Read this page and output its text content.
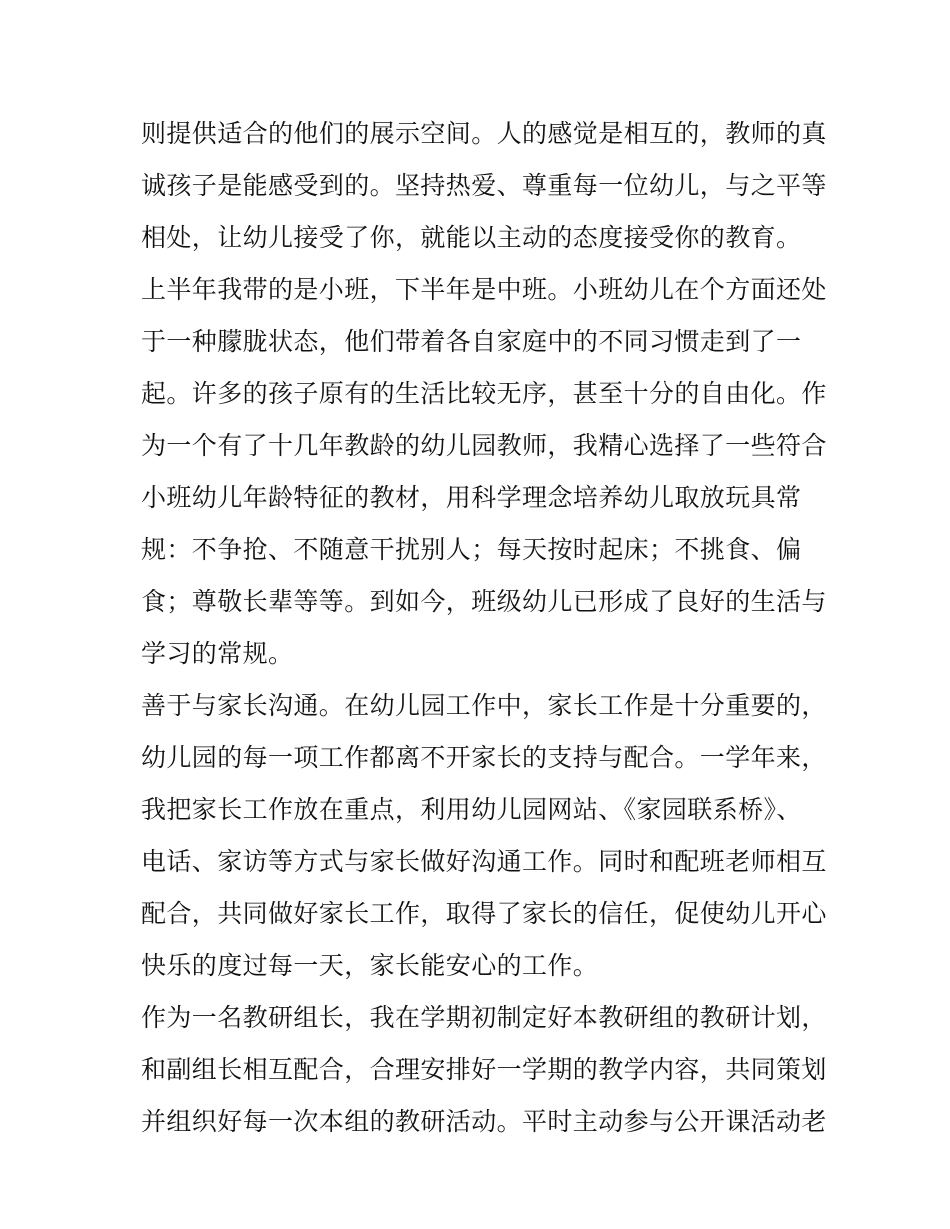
则提供适合的他们的展示空间。人的感觉是相互的，教师的真
诚孩子是能感受到的。坚持热爱、尊重每一位幼儿，与之平等
相处，让幼儿接受了你，就能以主动的态度接受你的教育。
上半年我带的是小班，下半年是中班。小班幼儿在个方面还处
于一种朦胧状态，他们带着各自家庭中的不同习惯走到了一
起。许多的孩子原有的生活比较无序，甚至十分的自由化。作
为一个有了十几年教龄的幼儿园教师，我精心选择了一些符合
小班幼儿年龄特征的教材，用科学理念培养幼儿取放玩具常
规：不争抢、不随意干扰别人；每天按时起床；不挑食、偏
食；尊敬长辈等等。到如今，班级幼儿已形成了良好的生活与
学习的常规。
善于与家长沟通。在幼儿园工作中，家长工作是十分重要的，
幼儿园的每一项工作都离不开家长的支持与配合。一学年来，
我把家长工作放在重点，利用幼儿园网站、《家园联系桥》、
电话、家访等方式与家长做好沟通工作。同时和配班老师相互
配合，共同做好家长工作，取得了家长的信任，促使幼儿开心
快乐的度过每一天，家长能安心的工作。
作为一名教研组长，我在学期初制定好本教研组的教研计划，
和副组长相互配合，合理安排好一学期的教学内容，共同策划
并组织好每一次本组的教研活动。平时主动参与公开课活动老
